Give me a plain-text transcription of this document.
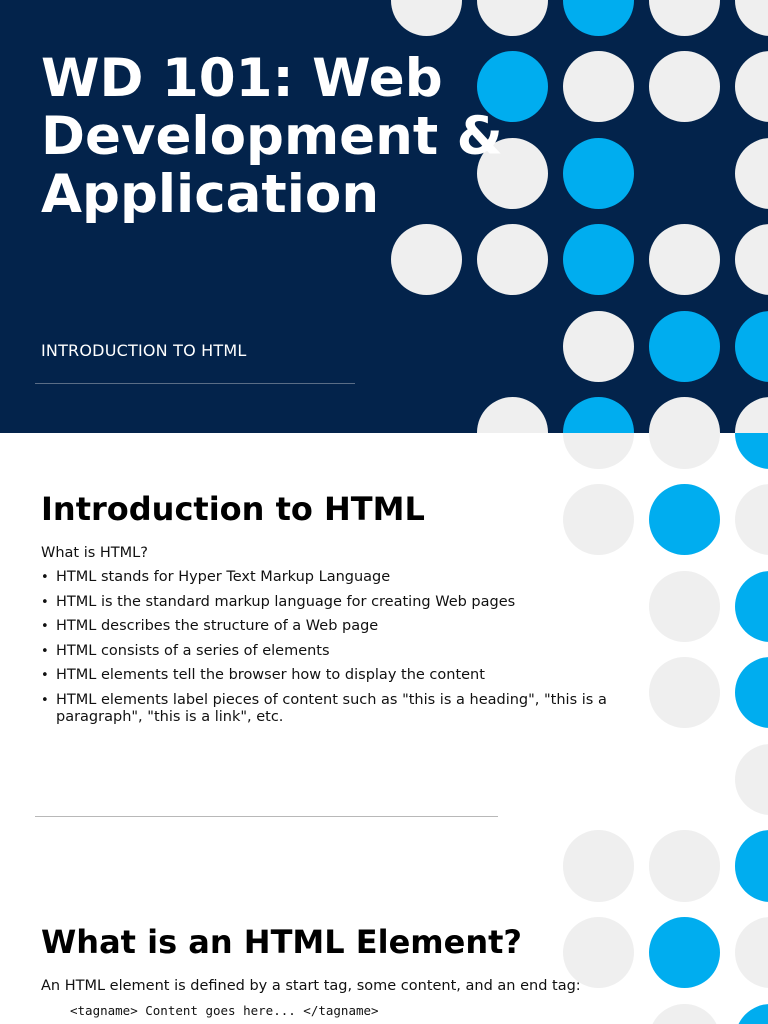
WD 101: Web Development & Application
INTRODUCTION TO HTML
Introduction to HTML
What is HTML?
• HTML stands for Hyper Text Markup Language
• HTML is the standard markup language for creating Web pages
• HTML describes the structure of a Web page
• HTML consists of a series of elements
• HTML elements tell the browser how to display the content
• HTML elements label pieces of content such as "this is a heading", "this is a paragraph", "this is a link", etc.
What is an HTML Element?
An HTML element is defined by a start tag, some content, and an end tag:
<tagname> Content goes here... </tagname>
